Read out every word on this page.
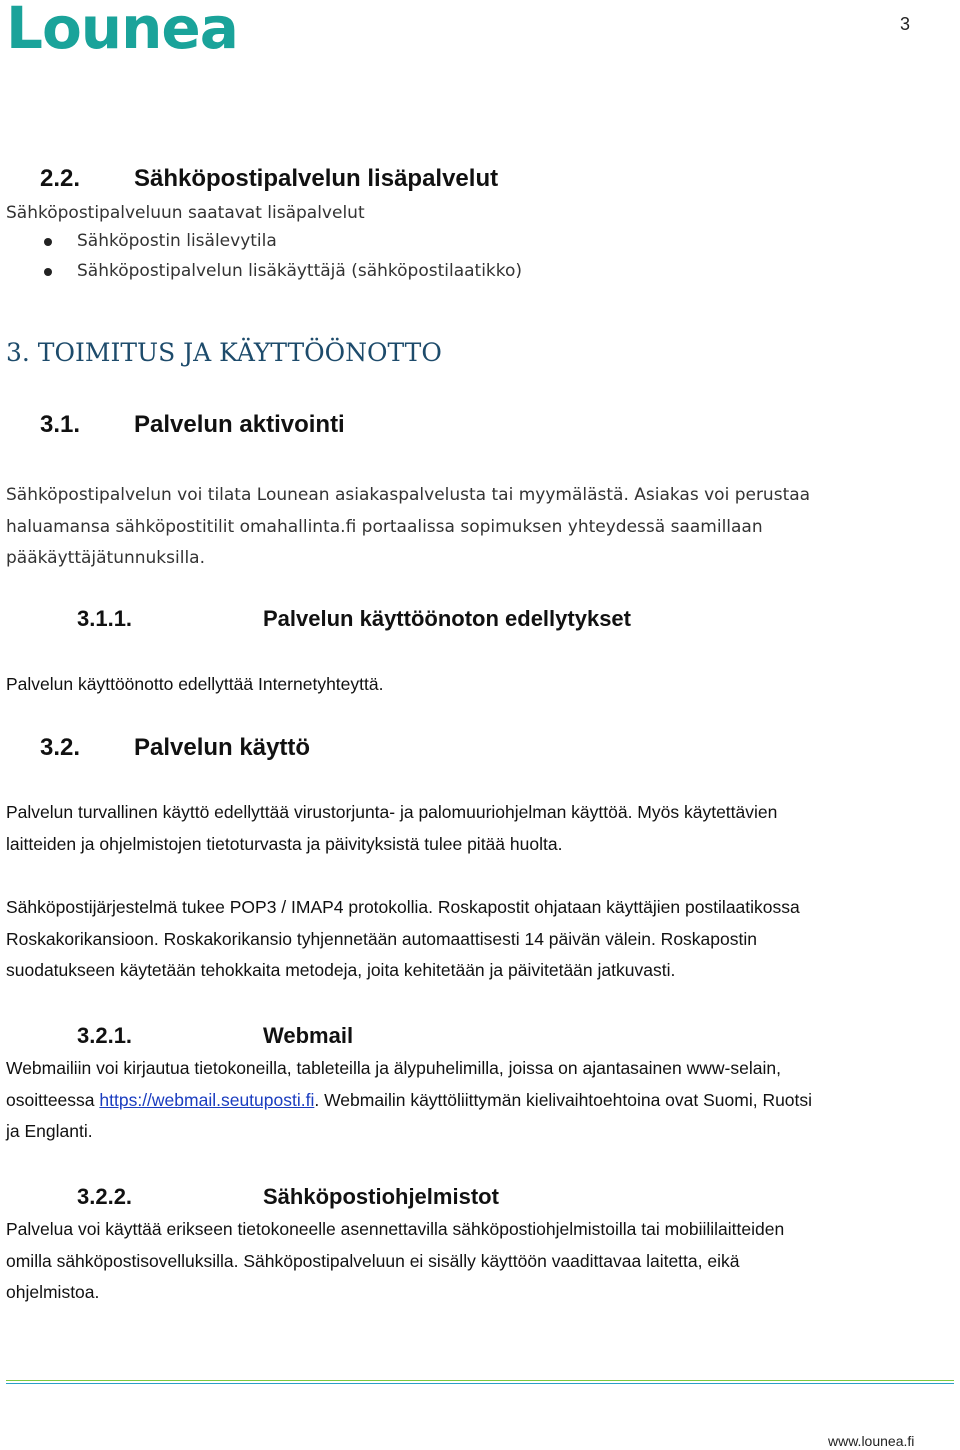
Lounea	3
2.2. Sähköpostipalvelun lisäpalvelut
Sähköpostipalveluun saatavat lisäpalvelut
Sähköpostin lisälevytila
Sähköpostipalvelun lisäkäyttäjä (sähköpostilaatikko)
3. TOIMITUS JA KÄYTTÖÖNOTTO
3.1. Palvelun aktivointi
Sähköpostipalvelun voi tilata Lounean asiakaspalvelusta tai myymälästä. Asiakas voi perustaa
haluamansa sähköpostitilit omahallinta.fi portaalissa sopimuksen yhteydessä saamillaan
pääkäyttäjätunnuksilla.
3.1.1.	Palvelun käyttöönoton edellytykset
Palvelun käyttöönotto edellyttää Internetyhteyttä.
3.2. Palvelun käyttö
Palvelun turvallinen käyttö edellyttää virustorjunta- ja palomuuriohjelman käyttöä. Myös käytettävien
laitteiden ja ohjelmistojen tietoturvasta ja päivityksistä tulee pitää huolta.
Sähköpostijärjestelmä tukee POP3 / IMAP4 protokollia. Roskapostit ohjataan käyttäjien postilaatikossa
Roskakorikansioon. Roskakorikansio tyhjennetään automaattisesti 14 päivän välein. Roskapostin
suodatukseen käytetään tehokkaita metodeja, joita kehitetään ja päivitetään jatkuvasti.
3.2.1.	Webmail
Webmailiin voi kirjautua tietokoneilla, tableteilla ja älypuhelimilla, joissa on ajantasainen www-selain,
osoitteessa https://webmail.seutuposti.fi. Webmailin käyttöliittymän kielivaihtoehtoina ovat Suomi, Ruotsi
ja Englanti.
3.2.2.	Sähköpostiohjelmistot
Palvelua voi käyttää erikseen tietokoneelle asennettavilla sähköpostiohjelmistoilla tai mobiililaitteiden
omilla sähköpostisovelluksilla. Sähköpostipalveluun ei sisälly käyttöön vaadittavaa laitetta, eikä
ohjelmistoa.
www.lounea.fi
